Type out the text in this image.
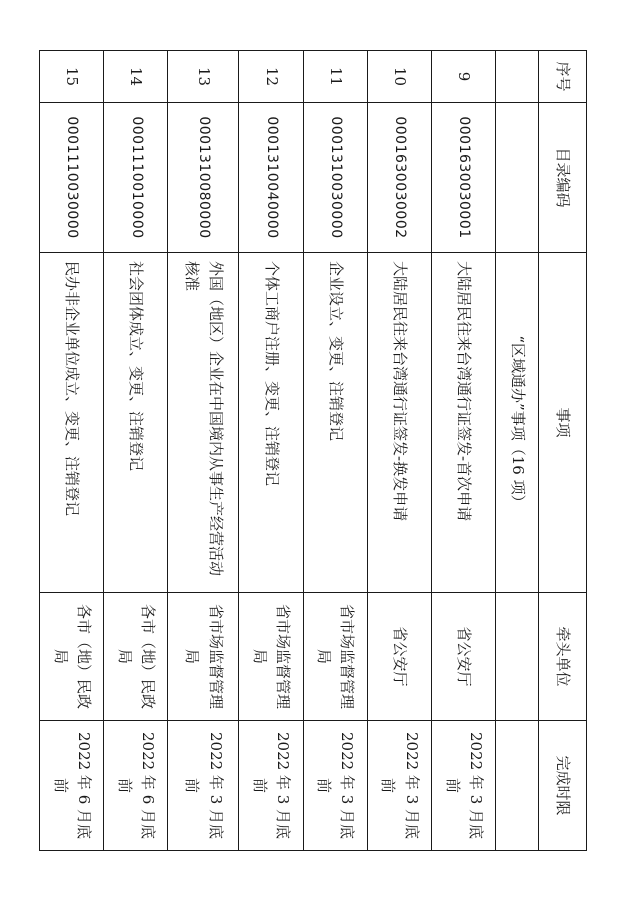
序号	目录编码	事项	牵头单位	完成时限
		“区域通办”事项（16 项）		
9	0001630030001	大陆居民往来台湾通行证签发-首次申请	省公安厅	2022 年 3 月底前
10	0001630030002	大陆居民往来台湾通行证签发-换发申请	省公安厅	2022 年 3 月底前
11	0001310030000	企业设立、变更、注销登记	省市场监督管理局	2022 年 3 月底前
12	0001310040000	个体工商户注册、变更、注销登记	省市场监督管理局	2022 年 3 月底前
13	0001310080000	外国（地区）企业在中国境内从事生产经营活动核准	省市场监督管理局	2022 年 3 月底前
14	0001110010000	社会团体成立、变更、注销登记	各市（地）民政局	2022 年 6 月底前
15	0001110030000	民办非企业单位成立、变更、注销登记	各市（地）民政局	2022 年 6 月底前
